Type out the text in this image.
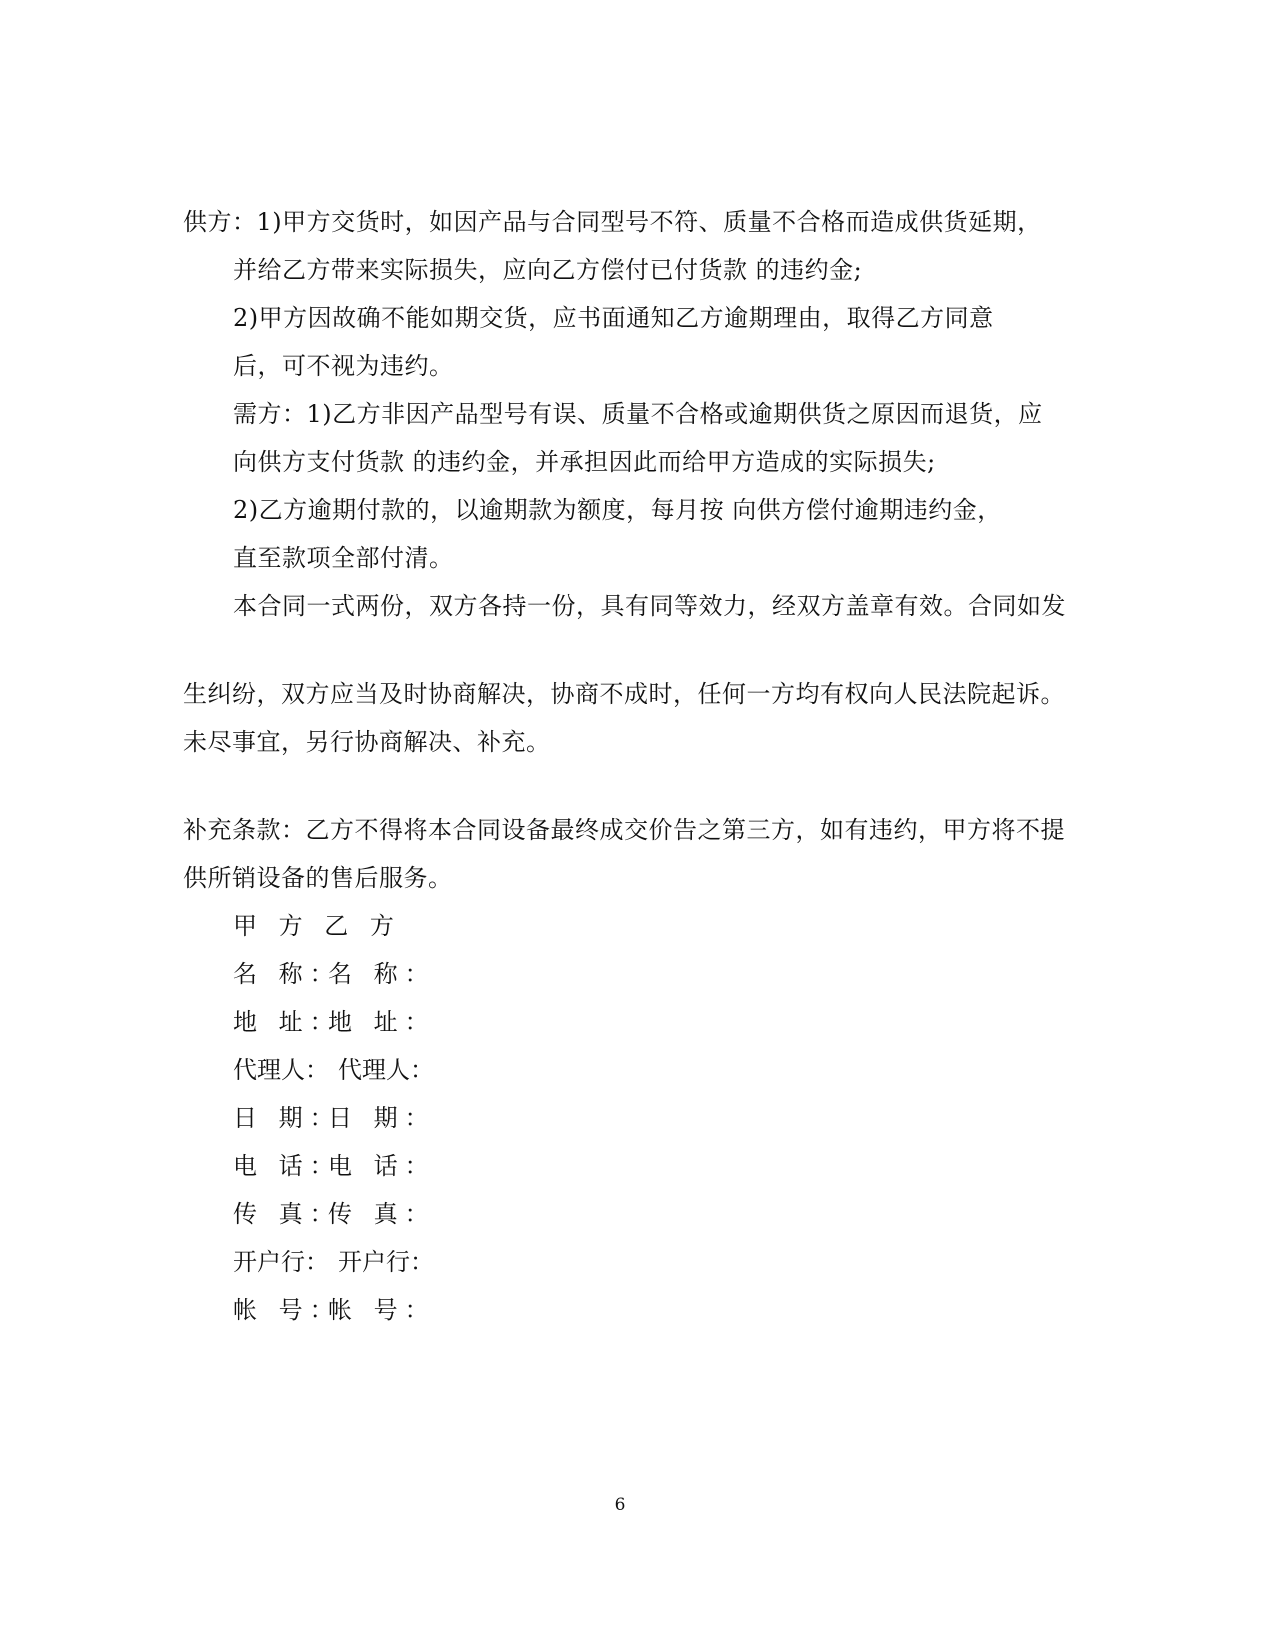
供方：1)甲方交货时，如因产品与合同型号不符、质量不合格而造成供货延期，
并给乙方带来实际损失，应向乙方偿付已付货款 的违约金;
2)甲方因故确不能如期交货，应书面通知乙方逾期理由，取得乙方同意
后，可不视为违约。
需方：1)乙方非因产品型号有误、质量不合格或逾期供货之原因而退货，应
向供方支付货款 的违约金，并承担因此而给甲方造成的实际损失;
2)乙方逾期付款的，以逾期款为额度，每月按 向供方偿付逾期违约金，
直至款项全部付清。
本合同一式两份，双方各持一份，具有同等效力，经双方盖章有效。合同如发
生纠纷，双方应当及时协商解决，协商不成时，任何一方均有权向人民法院起诉。
未尽事宜，另行协商解决、补充。
补充条款：乙方不得将本合同设备最终成交价告之第三方，如有违约，甲方将不提
供所销设备的售后服务。
甲 方 乙 方
名 称：名 称：
地 址：地 址：
代理人： 代理人：
日 期：日 期：
电 话：电 话：
传 真：传 真：
开户行： 开户行：
帐 号：帐 号：
6
